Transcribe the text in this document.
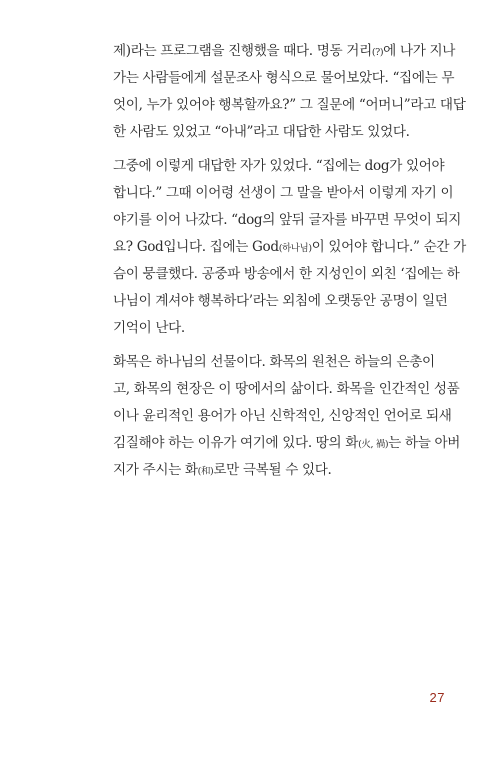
제)라는 프로그램을 진행했을 때다. 명동 거리(?)에 나가 지나
가는 사람들에게 설문조사 형식으로 물어보았다. “집에는 무
엇이, 누가 있어야 행복할까요?” 그 질문에 “어머니”라고 대답
한 사람도 있었고 “아내”라고 대답한 사람도 있었다.
그중에 이렇게 대답한 자가 있었다. “집에는 dog가 있어야
합니다.” 그때 이어령 선생이 그 말을 받아서 이렇게 자기 이
야기를 이어 나갔다. “dog의 앞뒤 글자를 바꾸면 무엇이 되지
요? God입니다. 집에는 God(하나님)이 있어야 합니다.” 순간 가
슴이 뭉클했다. 공중파 방송에서 한 지성인이 외친 ‘집에는 하
나님이 계셔야 행복하다’라는 외침에 오랫동안 공명이 일던
기억이 난다.
화목은 하나님의 선물이다. 화목의 원천은 하늘의 은총이
고, 화목의 현장은 이 땅에서의 삶이다. 화목을 인간적인 성품
이나 윤리적인 용어가 아닌 신학적인, 신앙적인 언어로 되새
김질해야 하는 이유가 여기에 있다. 땅의 화(火, 禍)는 하늘 아버
지가 주시는 화(和)로만 극복될 수 있다.
27
